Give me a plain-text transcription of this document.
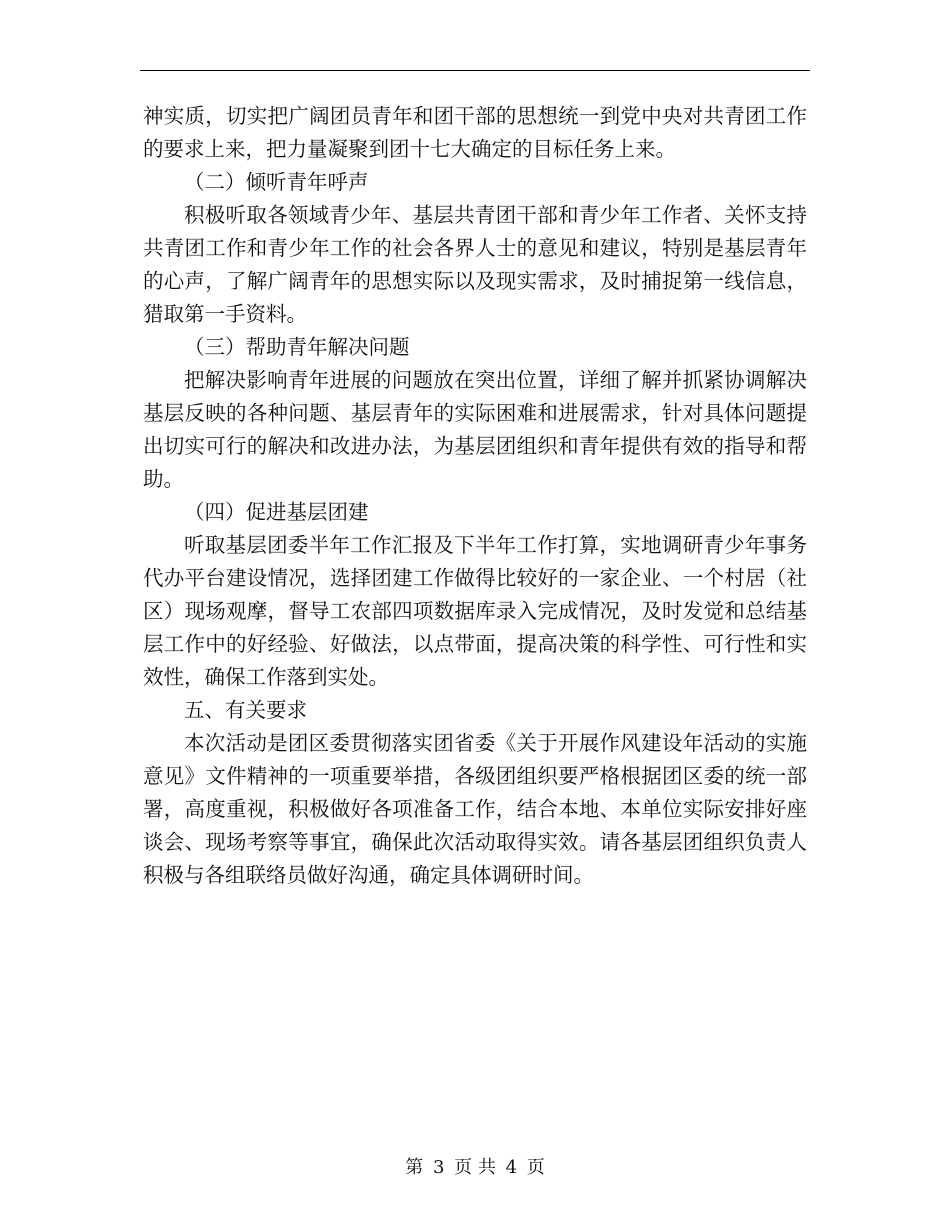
神实质，切实把广阔团员青年和团干部的思想统一到党中央对共青团工作的要求上来，把力量凝聚到团十七大确定的目标任务上来。

（二）倾听青年呼声

积极听取各领域青少年、基层共青团干部和青少年工作者、关怀支持共青团工作和青少年工作的社会各界人士的意见和建议，特别是基层青年的心声，了解广阔青年的思想实际以及现实需求，及时捕捉第一线信息，猎取第一手资料。

（三）帮助青年解决问题

把解决影响青年进展的问题放在突出位置，详细了解并抓紧协调解决基层反映的各种问题、基层青年的实际困难和进展需求，针对具体问题提出切实可行的解决和改进办法，为基层团组织和青年提供有效的指导和帮助。

（四）促进基层团建

听取基层团委半年工作汇报及下半年工作打算，实地调研青少年事务代办平台建设情况，选择团建工作做得比较好的一家企业、一个村居（社区）现场观摩，督导工农部四项数据库录入完成情况，及时发觉和总结基层工作中的好经验、好做法，以点带面，提高决策的科学性、可行性和实效性，确保工作落到实处。

五、有关要求

本次活动是团区委贯彻落实团省委《关于开展作风建设年活动的实施意见》文件精神的一项重要举措，各级团组织要严格根据团区委的统一部署，高度重视，积极做好各项准备工作，结合本地、本单位实际安排好座谈会、现场考察等事宜，确保此次活动取得实效。请各基层团组织负责人积极与各组联络员做好沟通，确定具体调研时间。

第 3 页 共 4 页
